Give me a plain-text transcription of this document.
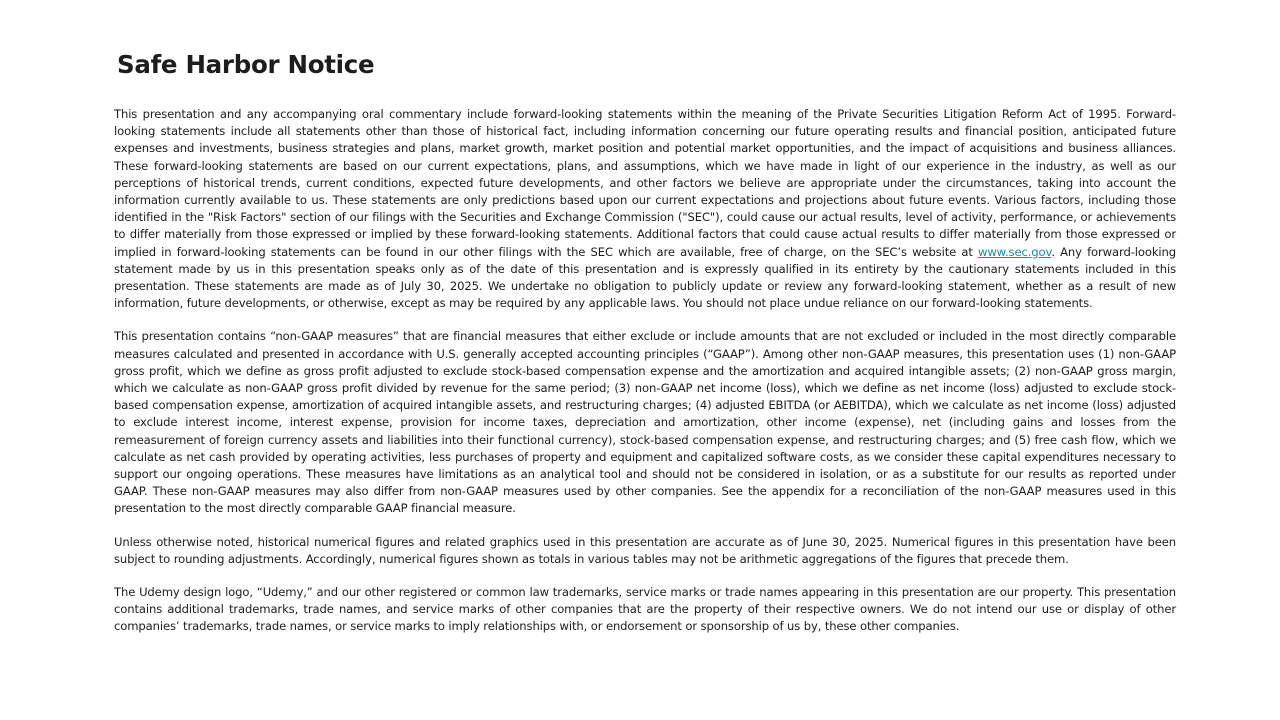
Safe Harbor Notice

This presentation and any accompanying oral commentary include forward-looking statements within the meaning of the Private Securities Litigation Reform Act of 1995. Forward-looking statements include all statements other than those of historical fact, including information concerning our future operating results and financial position, anticipated future expenses and investments, business strategies and plans, market growth, market position and potential market opportunities, and the impact of acquisitions and business alliances. These forward-looking statements are based on our current expectations, plans, and assumptions, which we have made in light of our experience in the industry, as well as our perceptions of historical trends, current conditions, expected future developments, and other factors we believe are appropriate under the circumstances, taking into account the information currently available to us. These statements are only predictions based upon our current expectations and projections about future events. Various factors, including those identified in the "Risk Factors" section of our filings with the Securities and Exchange Commission ("SEC"), could cause our actual results, level of activity, performance, or achievements to differ materially from those expressed or implied by these forward-looking statements. Additional factors that could cause actual results to differ materially from those expressed or implied in forward-looking statements can be found in our other filings with the SEC which are available, free of charge, on the SEC’s website at www.sec.gov. Any forward-looking statement made by us in this presentation speaks only as of the date of this presentation and is expressly qualified in its entirety by the cautionary statements included in this presentation. These statements are made as of July 30, 2025. We undertake no obligation to publicly update or review any forward-looking statement, whether as a result of new information, future developments, or otherwise, except as may be required by any applicable laws. You should not place undue reliance on our forward-looking statements.

This presentation contains “non-GAAP measures” that are financial measures that either exclude or include amounts that are not excluded or included in the most directly comparable measures calculated and presented in accordance with U.S. generally accepted accounting principles (“GAAP”). Among other non-GAAP measures, this presentation uses (1) non-GAAP gross profit, which we define as gross profit adjusted to exclude stock-based compensation expense and the amortization and acquired intangible assets; (2) non-GAAP gross margin, which we calculate as non-GAAP gross profit divided by revenue for the same period; (3) non-GAAP net income (loss), which we define as net income (loss) adjusted to exclude stock-based compensation expense, amortization of acquired intangible assets, and restructuring charges; (4) adjusted EBITDA (or AEBITDA), which we calculate as net income (loss) adjusted to exclude interest income, interest expense, provision for income taxes, depreciation and amortization, other income (expense), net (including gains and losses from the remeasurement of foreign currency assets and liabilities into their functional currency), stock-based compensation expense, and restructuring charges; and (5) free cash flow, which we calculate as net cash provided by operating activities, less purchases of property and equipment and capitalized software costs, as we consider these capital expenditures necessary to support our ongoing operations. These measures have limitations as an analytical tool and should not be considered in isolation, or as a substitute for our results as reported under GAAP. These non-GAAP measures may also differ from non-GAAP measures used by other companies. See the appendix for a reconciliation of the non-GAAP measures used in this presentation to the most directly comparable GAAP financial measure.

Unless otherwise noted, historical numerical figures and related graphics used in this presentation are accurate as of June 30, 2025. Numerical figures in this presentation have been subject to rounding adjustments. Accordingly, numerical figures shown as totals in various tables may not be arithmetic aggregations of the figures that precede them.

The Udemy design logo, “Udemy,” and our other registered or common law trademarks, service marks or trade names appearing in this presentation are our property. This presentation contains additional trademarks, trade names, and service marks of other companies that are the property of their respective owners. We do not intend our use or display of other companies’ trademarks, trade names, or service marks to imply relationships with, or endorsement or sponsorship of us by, these other companies.
